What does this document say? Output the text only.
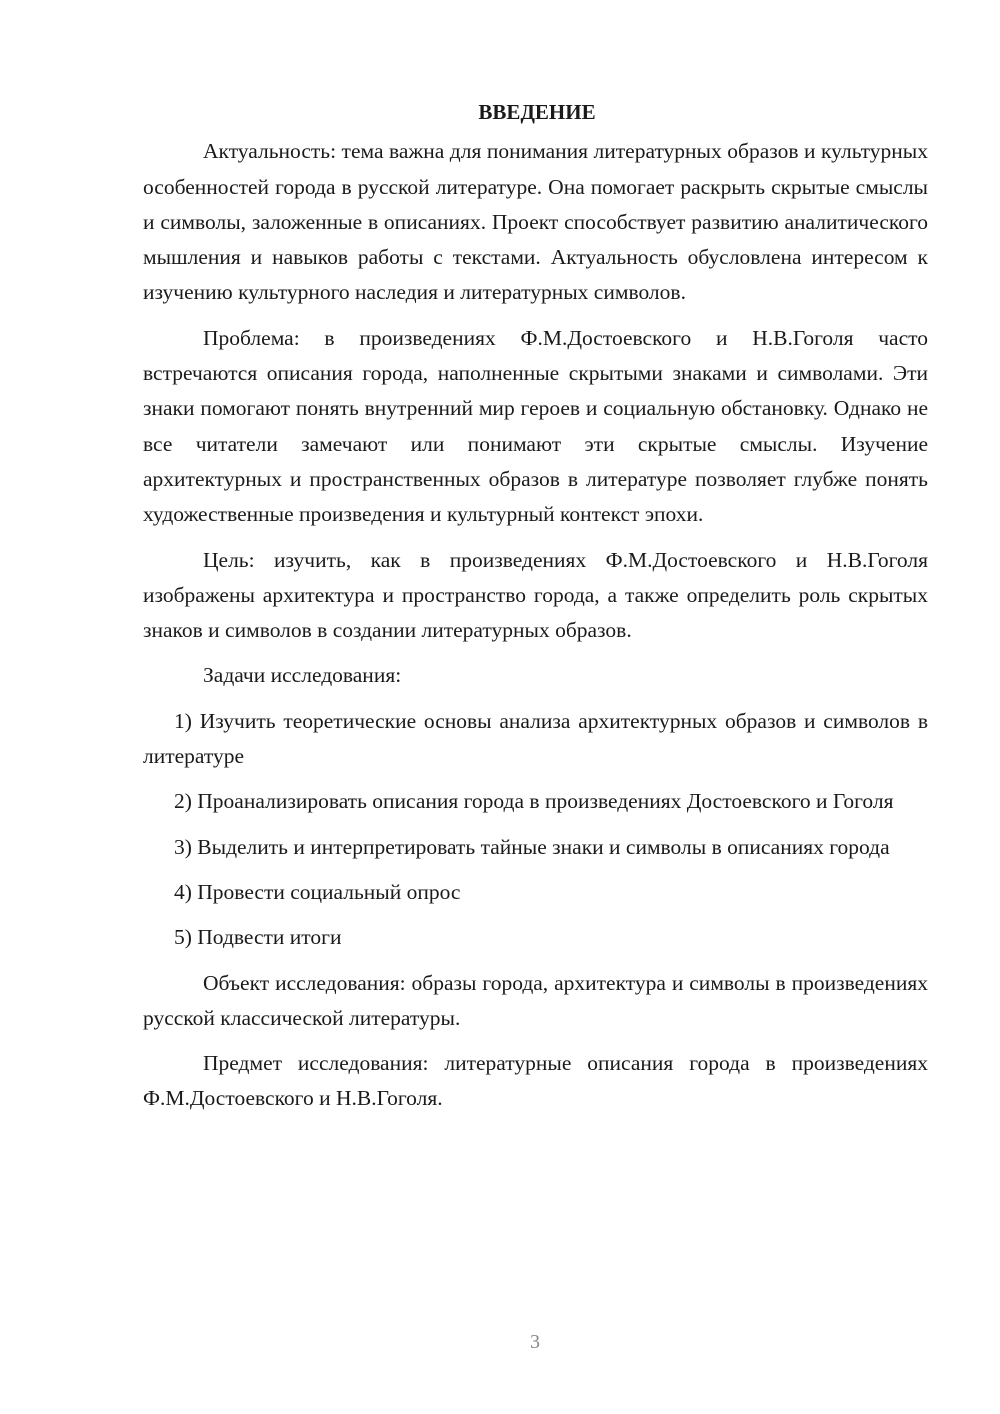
ВВЕДЕНИЕ

Актуальность: тема важна для понимания литературных образов и культурных особенностей города в русской литературе. Она помогает раскрыть скрытые смыслы и символы, заложенные в описаниях. Проект способствует развитию аналитического мышления и навыков работы с текстами. Актуальность обусловлена интересом к изучению культурного наследия и литературных символов.

Проблема: в произведениях Ф.М.Достоевского и Н.В.Гоголя часто встречаются описания города, наполненные скрытыми знаками и символами. Эти знаки помогают понять внутренний мир героев и социальную обстановку. Однако не все читатели замечают или понимают эти скрытые смыслы. Изучение архитектурных и пространственных образов в литературе позволяет глубже понять художественные произведения и культурный контекст эпохи.

Цель: изучить, как в произведениях Ф.М.Достоевского и Н.В.Гоголя изображены архитектура и пространство города, а также определить роль скрытых знаков и символов в создании литературных образов.

Задачи исследования:

1) Изучить теоретические основы анализа архитектурных образов и символов в литературе

2) Проанализировать описания города в произведениях Достоевского и Гоголя

3) Выделить и интерпретировать тайные знаки и символы в описаниях города

4) Провести социальный опрос

5) Подвести итоги

Объект исследования: образы города, архитектура и символы в произведениях русской классической литературы.

Предмет исследования: литературные описания города в произведениях Ф.М.Достоевского и Н.В.Гоголя.

3
